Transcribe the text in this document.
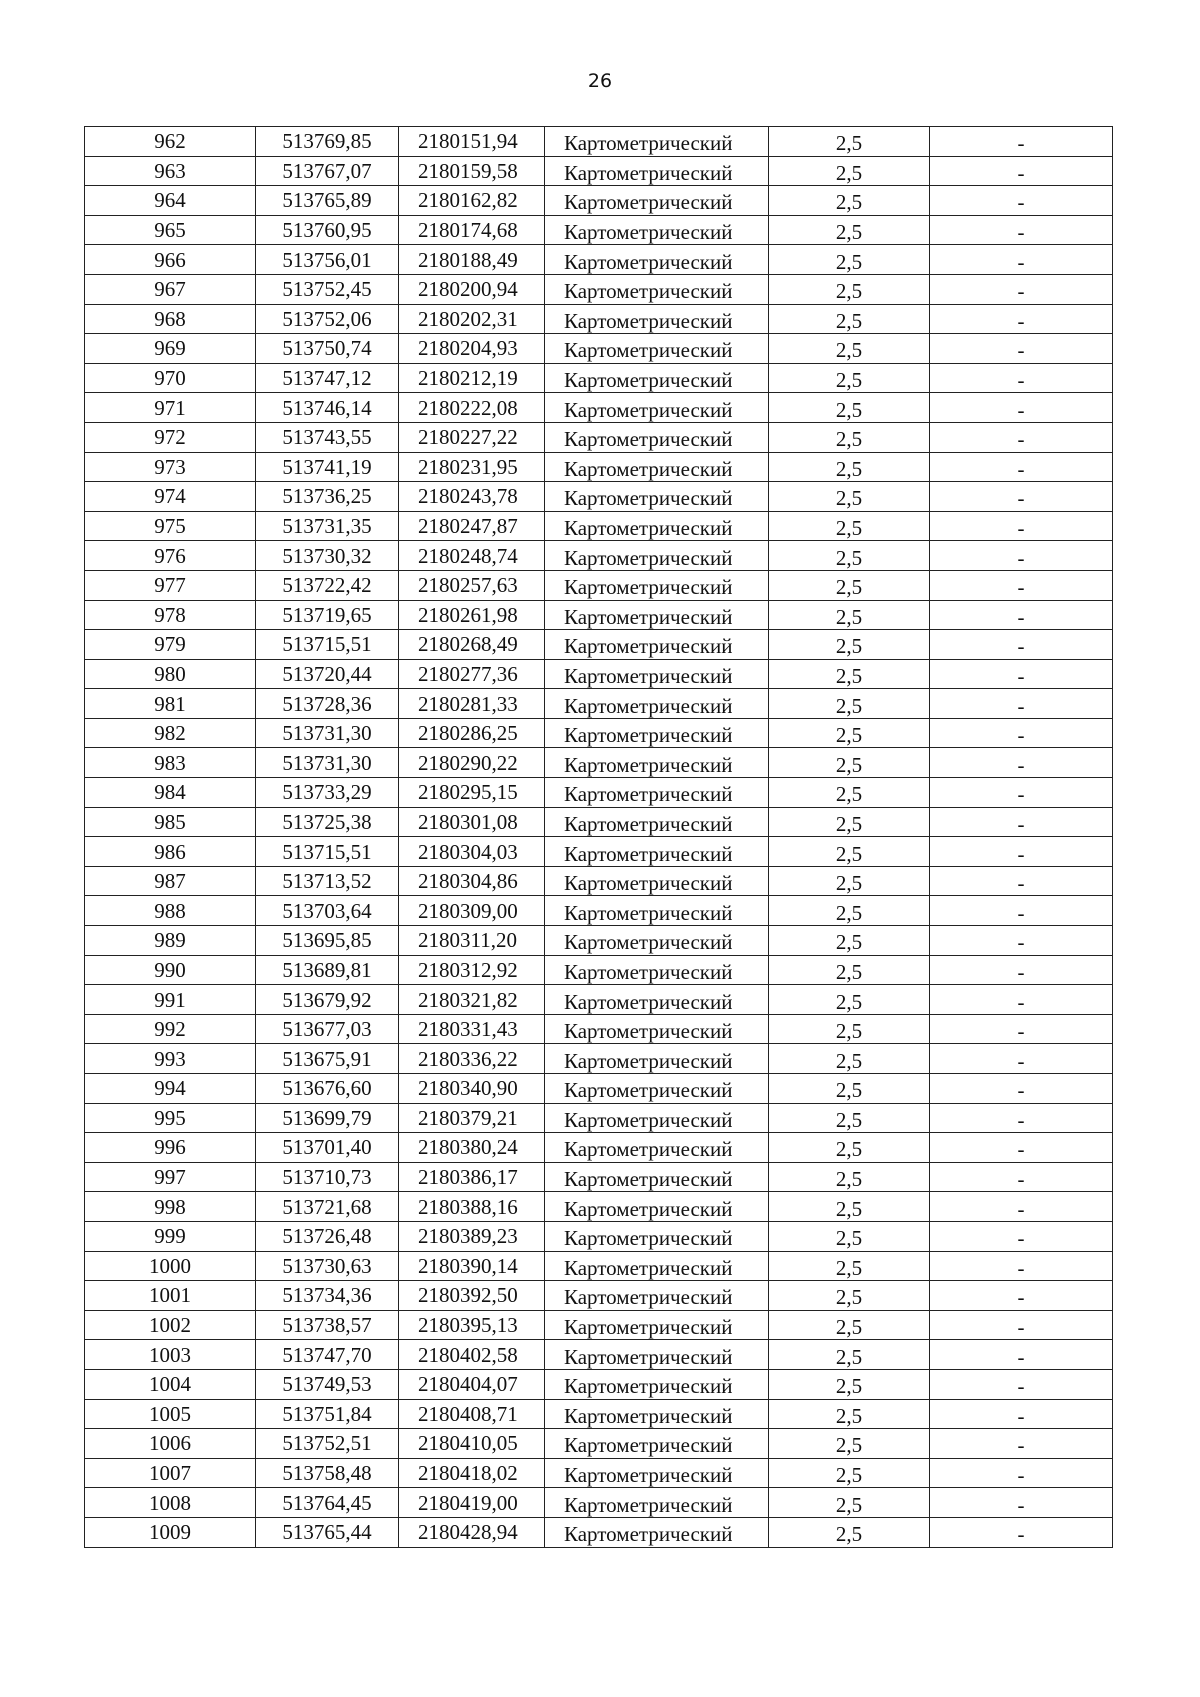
26
962	513769,85	2180151,94	Картометрический	2,5	-
963	513767,07	2180159,58	Картометрический	2,5	-
964	513765,89	2180162,82	Картометрический	2,5	-
965	513760,95	2180174,68	Картометрический	2,5	-
966	513756,01	2180188,49	Картометрический	2,5	-
967	513752,45	2180200,94	Картометрический	2,5	-
968	513752,06	2180202,31	Картометрический	2,5	-
969	513750,74	2180204,93	Картометрический	2,5	-
970	513747,12	2180212,19	Картометрический	2,5	-
971	513746,14	2180222,08	Картометрический	2,5	-
972	513743,55	2180227,22	Картометрический	2,5	-
973	513741,19	2180231,95	Картометрический	2,5	-
974	513736,25	2180243,78	Картометрический	2,5	-
975	513731,35	2180247,87	Картометрический	2,5	-
976	513730,32	2180248,74	Картометрический	2,5	-
977	513722,42	2180257,63	Картометрический	2,5	-
978	513719,65	2180261,98	Картометрический	2,5	-
979	513715,51	2180268,49	Картометрический	2,5	-
980	513720,44	2180277,36	Картометрический	2,5	-
981	513728,36	2180281,33	Картометрический	2,5	-
982	513731,30	2180286,25	Картометрический	2,5	-
983	513731,30	2180290,22	Картометрический	2,5	-
984	513733,29	2180295,15	Картометрический	2,5	-
985	513725,38	2180301,08	Картометрический	2,5	-
986	513715,51	2180304,03	Картометрический	2,5	-
987	513713,52	2180304,86	Картометрический	2,5	-
988	513703,64	2180309,00	Картометрический	2,5	-
989	513695,85	2180311,20	Картометрический	2,5	-
990	513689,81	2180312,92	Картометрический	2,5	-
991	513679,92	2180321,82	Картометрический	2,5	-
992	513677,03	2180331,43	Картометрический	2,5	-
993	513675,91	2180336,22	Картометрический	2,5	-
994	513676,60	2180340,90	Картометрический	2,5	-
995	513699,79	2180379,21	Картометрический	2,5	-
996	513701,40	2180380,24	Картометрический	2,5	-
997	513710,73	2180386,17	Картометрический	2,5	-
998	513721,68	2180388,16	Картометрический	2,5	-
999	513726,48	2180389,23	Картометрический	2,5	-
1000	513730,63	2180390,14	Картометрический	2,5	-
1001	513734,36	2180392,50	Картометрический	2,5	-
1002	513738,57	2180395,13	Картометрический	2,5	-
1003	513747,70	2180402,58	Картометрический	2,5	-
1004	513749,53	2180404,07	Картометрический	2,5	-
1005	513751,84	2180408,71	Картометрический	2,5	-
1006	513752,51	2180410,05	Картометрический	2,5	-
1007	513758,48	2180418,02	Картометрический	2,5	-
1008	513764,45	2180419,00	Картометрический	2,5	-
1009	513765,44	2180428,94	Картометрический	2,5	-
